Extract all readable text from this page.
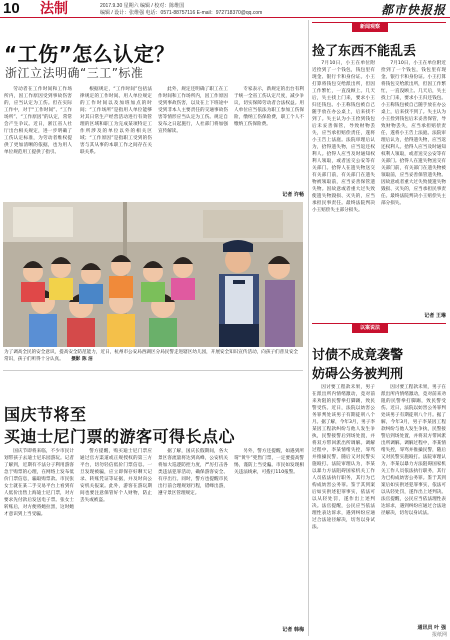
10 法制	2017.9.30 星期六 编辑 / 校对：陈维国
编辑 / 设计：张维强 电话：0571-88757116 E-mail：972718370@qq.com	都市快报报
“工伤”怎么认定？
浙江立法明确“三工”标准
劳动者在工作时间和工作场所内，因工作原因受到事故伤害的，应当认定为工伤。但在实际工作中，对于“工作时间”、“工作场所”、“工作原因”的认定，常常会产生争议。近日，浙江省人社厅出台相关规定，进一步明确了工伤认定标准，为劳动者维权提供了更加清晰的依据，也为用人单位规范用工提供了指引。
根据规定，“工作时间”包括法律规定的工作时间、用人单位规定的工作时间以及加班加点的时间；“工作场所”是指用人单位能够对其日常生产经营活动进行有效管理的区域和职工为完成某项特定工作所涉及的单位以外的相关区域；“工作原因”是指职工受到的伤害与其从事的本职工作之间存在关联关系。
此外，规定还明确了职工在工作时间和工作场所内，因工作原因受到事故伤害，以及在上下班途中受到非本人主要责任的交通事故伤害等情形应当认定为工伤。规定自发布之日起施行，人社部门将加强宣传解读。
专家表示，新规定的出台有利于统一全省工伤认定尺度，减少争议，切实保障劳动者合法权益。用人单位应当依法为职工参加工伤保险，缴纳工伤保险费，职工个人不缴纳工伤保险费。
记者 许畅
为了调高全民的安全意识，提高安全防范能力，近日，杭州市公安局西湖区分局民警走进辖区幼儿园，开展安全知识宣传活动，向孩子们普及安全常识，孩子们听得十分认真。 摄影 陈 洁
新闻观察
捡了东西不能乱丢
7月10日，小王在单位附近捡到了一个钱包，钱包里有现金、银行卡和身份证。小王打算将钱包交给派出所，但因工作繁忙，一直没顾上。几天后，失主找上门来，要求小王归还钱包。小王称钱包被自己随手放在办公桌上，后来找不到了。失主认为小王捡到钱包后未妥善保管，导致财物丢失，应当承担赔偿责任，遂将小王告上法庭。法院审理后认为，拾得遗失物，应当返还权利人。拾得人应当及时通知权利人领取，或者送交公安等有关部门。拾得人在遗失物送交有关部门前，有关部门在遗失物被领取前，应当妥善保管遗失物。因故意或者重大过失致使遗失物毁损、灭失的，应当承担民事责任。最终法院判决小王赔偿失主部分损失。
7月10日，小王在单位附近捡到了一个钱包，钱包里有现金、银行卡和身份证。小王打算将钱包交给派出所，但因工作繁忙，一直没顾上。几天后，失主找上门来，要求小王归还钱包。小王称钱包被自己随手放在办公桌上，后来找不到了。失主认为小王捡到钱包后未妥善保管，导致财物丢失，应当承担赔偿责任，遂将小王告上法庭。法院审理后认为，拾得遗失物，应当返还权利人。拾得人应当及时通知权利人领取，或者送交公安等有关部门。拾得人在遗失物送交有关部门前，有关部门在遗失物被领取前，应当妥善保管遗失物。因故意或者重大过失致使遗失物毁损、灭失的，应当承担民事责任。最终法院判决小王赔偿失主部分损失。
记者 王琳
以案说法
讨债不成竟袭警
妨碍公务被判刑
因讨要工程款未果，男子在派出所内情绪激动，竟对前来劝阻的民警拳打脚踢，致民警受伤。近日，法院以妨害公务罪判处该男子有期徒刑八个月。据了解，今年3月，男子李某因工程款纠纷与他人发生争执，民警接警后到场处置，并将双方带回派出所调解。调解过程中，李某情绪失控，辱骂并推搡民警，随后又对民警实施殴打。法院审理认为，李某以暴力方法阻碍国家机关工作人员依法执行职务，其行为已构成妨害公务罪。鉴于其到案后如实供述犯罪事实，依法可以从轻处罚，遂作出上述判决。法官提醒，公民应当依法理性表达诉求，遇到纠纷应通过合法途径解决，切勿以身试法。
因讨要工程款未果，男子在派出所内情绪激动，竟对前来劝阻的民警拳打脚踢，致民警受伤。近日，法院以妨害公务罪判处该男子有期徒刑八个月。据了解，今年3月，男子李某因工程款纠纷与他人发生争执，民警接警后到场处置，并将双方带回派出所调解。调解过程中，李某情绪失控，辱骂并推搡民警，随后又对民警实施殴打。法院审理认为，李某以暴力方法阻碍国家机关工作人员依法执行职务，其行为已构成妨害公务罪。鉴于其到案后如实供述犯罪事实，依法可以从轻处罚，遂作出上述判决。法官提醒，公民应当依法理性表达诉求，遇到纠纷应通过合法途径解决，切勿以身试法。
通讯员 叶 强
国庆节将至
买迪士尼门票的游客可得长点心
国庆节即将来临，不少市民计划带孩子去迪士尼乐园游玩。记者了解到，近期有不法分子利用游客急于购票的心理，在网络上发布低价门票信息，骗取购票款。市民张女士就在某二手交易平台上看到有人低价出售上海迪士尼门票，对方要求先付款后发送电子票。张女士转账后，对方便将她拉黑，这时她才意识到上当受骗。
警方提醒，购买迪士尼门票应通过官方渠道或正规授权的第三方平台，切勿轻信低价门票信息。一旦发现被骗，应立即保存好聊天记录、转账凭证等证据，并及时向公安机关报案。此外，游客在游玩期间也要注意保管好个人财物，防止丢失或被盗。
据了解，国庆长假期间，各大景区客流量将达到高峰，公安机关将加大巡逻防控力度，严厉打击各类违法犯罪活动，确保游客安全、有序出行。同时，警方也提醒市民出行前合理规划行程，错峰出游，遵守景区管理规定。
另外，警方还提醒，如遇到所谓“黄牛”兜售门票，一定要提高警惕，谨防上当受骗。市民如发现相关违法线索，可拨打110报警。
记者 韩梅
报纸网
